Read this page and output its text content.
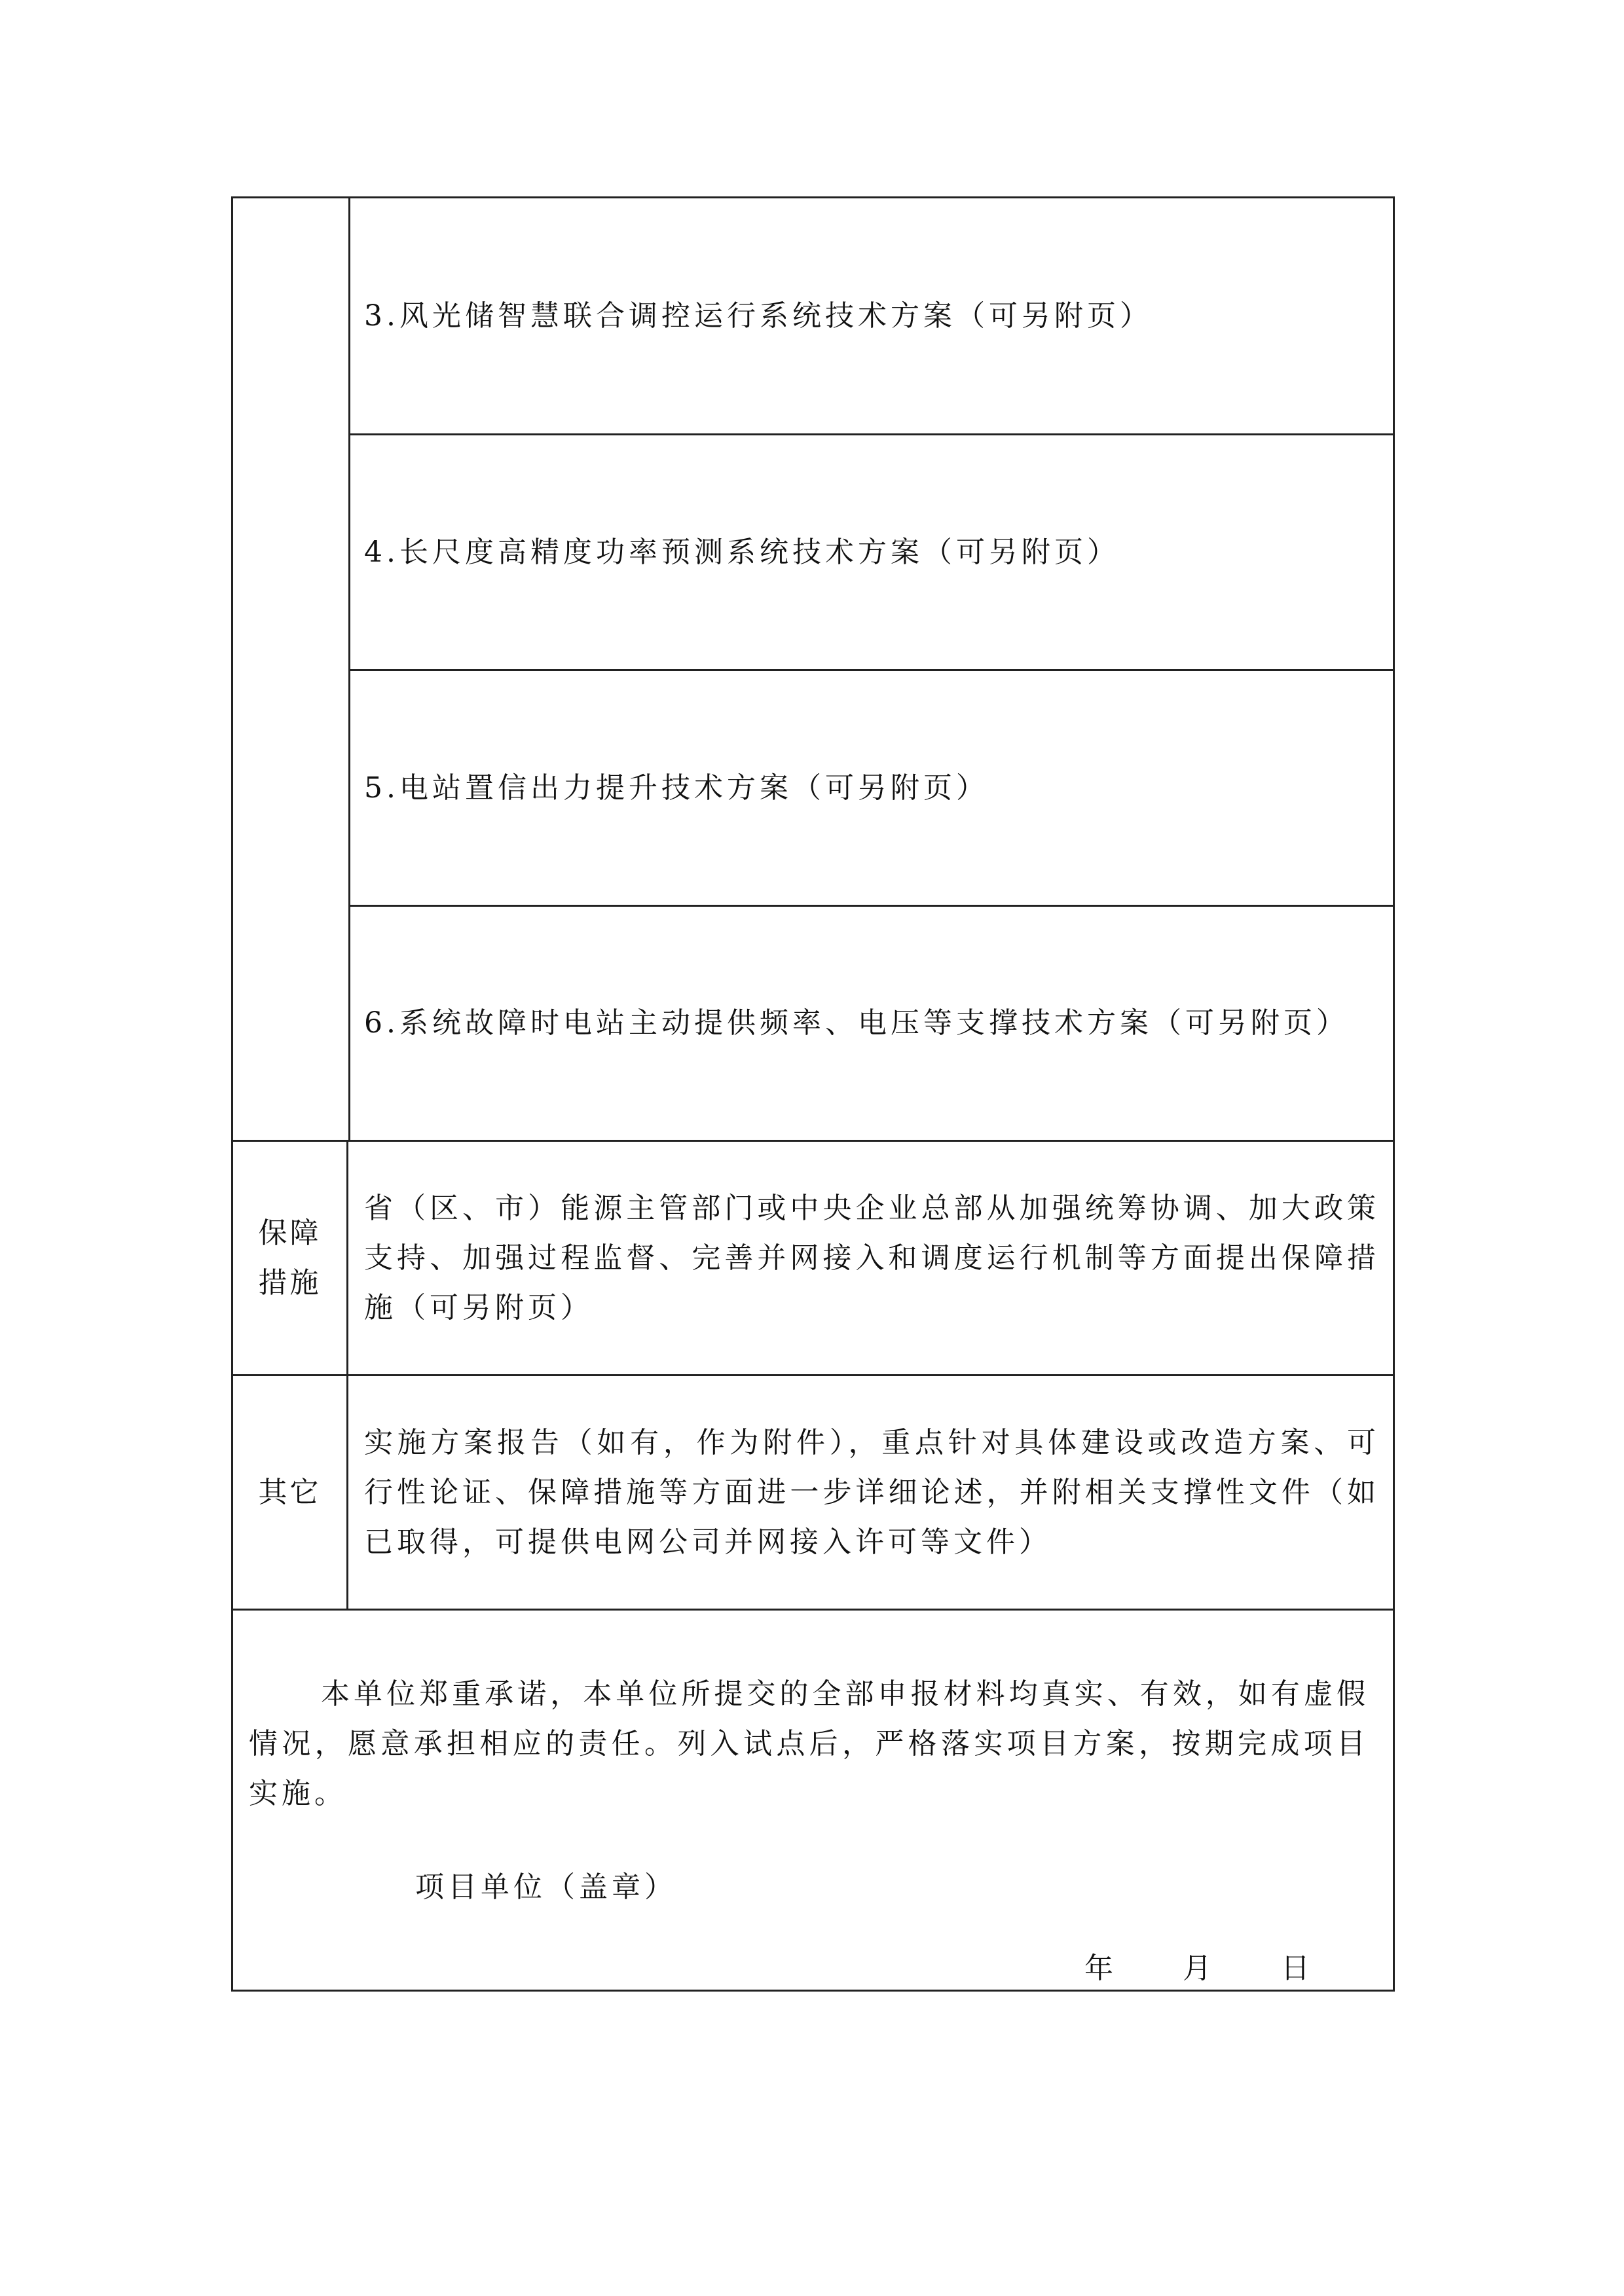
3.风光储智慧联合调控运行系统技术方案（可另附页）
4.长尺度高精度功率预测系统技术方案（可另附页）
5.电站置信出力提升技术方案（可另附页）
6.系统故障时电站主动提供频率、电压等支撑技术方案（可另附页）
保障措施
省（区、市）能源主管部门或中央企业总部从加强统筹协调、加大政策支持、加强过程监督、完善并网接入和调度运行机制等方面提出保障措施（可另附页）
其它
实施方案报告（如有，作为附件），重点针对具体建设或改造方案、可行性论证、保障措施等方面进一步详细论述，并附相关支撑性文件（如已取得，可提供电网公司并网接入许可等文件）
本单位郑重承诺，本单位所提交的全部申报材料均真实、有效，如有虚假情况，愿意承担相应的责任。列入试点后，严格落实项目方案，按期完成项目实施。
项目单位（盖章）
年	月	日
